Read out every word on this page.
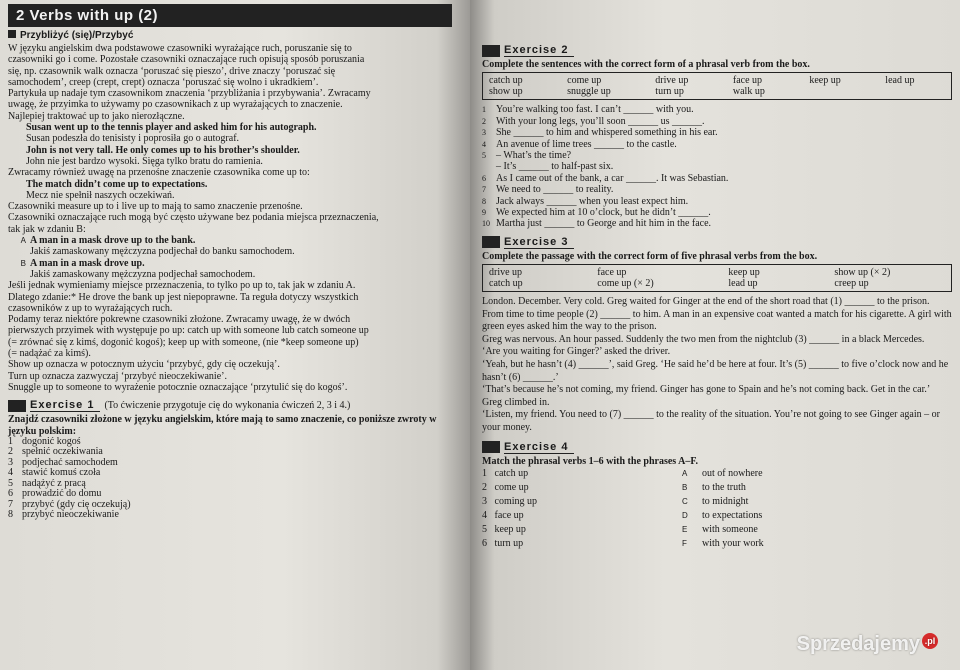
2 Verbs with up (2)
Przybliżyć (się)/Przybyć

W języku angielskim dwa podstawowe czasowniki wyrażające ruch, poruszanie się to

czasowniki go i come. Pozostałe czasowniki oznaczające ruch opisują sposób poruszania

się, np. czasownik walk oznacza ‘poruszać się pieszo’, drive znaczy ‘poruszać się

samochodem’, creep (crept, crept) oznacza ‘poruszać się wolno i ukradkiem’.

Partykuła up nadaje tym czasownikom znaczenia ‘przybliżania i przybywania’. Zwracamy

uwagę, że przyimka to używamy po czasownikach z up wyrażających to znaczenie.

Najlepiej traktować up to jako nierozłączne.

Susan went up to the tennis player and asked him for his autograph.

Susan podeszła do tenisisty i poprosiła go o autograf.

John is not very tall. He only comes up to his brother’s shoulder.

John nie jest bardzo wysoki. Sięga tylko bratu do ramienia.

Zwracamy również uwagę na przenośne znaczenie czasownika come up to:

The match didn’t come up to expectations.

Mecz nie spełnił naszych oczekiwań.

Czasowniki measure up to i live up to mają to samo znaczenie przenośne.

Czasowniki oznaczające ruch mogą być często używane bez podania miejsca przeznaczenia,

tak jak w zdaniu B:

A A man in a mask drove up to the bank.
Jakiś zamaskowany mężczyzna podjechał do banku samochodem.
B A man in a mask drove up.
Jakiś zamaskowany mężczyzna podjechał samochodem.

Jeśli jednak wymieniamy miejsce przeznaczenia, to tylko po up to, tak jak w zdaniu A.

Dlatego zdanie:* He drove the bank up jest niepoprawne. Ta reguła dotyczy wszystkich

czasowników z up to wyrażających ruch.

Podamy teraz niektóre pokrewne czasowniki złożone. Zwracamy uwagę, że w dwóch

pierwszych przyimek with występuje po up: catch up with someone lub catch someone up

(= zrównać się z kimś, dogonić kogoś); keep up with someone, (nie *keep someone up)

(= nadążać za kimś).

Show up oznacza w potocznym użyciu ‘przybyć, gdy cię oczekują’.

Turn up oznacza zazwyczaj ‘przybyć nieoczekiwanie’.

Snuggle up to someone to wyrażenie potocznie oznaczające ‘przytulić się do kogoś’.

Exercise 1	(To ćwiczenie przygotuje cię do wykonania ćwiczeń 2, 3 i 4.)

Znajdź czasowniki złożone w języku angielskim, które mają to samo znaczenie, co poniższe zwroty w języku polskim:

1 dogonić kogoś
2 spełnić oczekiwania
3 podjechać samochodem
4 stawić komuś czoła
5 nadążyć z pracą
6 prowadzić do domu
7 przybyć (gdy cię oczekują)
8 przybyć nieoczekiwanie
Exercise 2

Complete the sentences with the correct form of a phrasal verb from the box.

catch up	come up	drive up	face up	keep up	lead up
show up	snuggle up	turn up	walk up
1	You’re walking too fast. I can’t ______ with you.
2	With your long legs, you’ll soon ______ us ______.
3	She ______ to him and whispered something in his ear.
4	An avenue of lime trees ______ to the castle.
5	– What’s the time?
– It’s ______ to half-past six.
6	As I came out of the bank, a car ______. It was Sebastian.
7	We need to ______ to reality.
8	Jack always ______ when you least expect him.
9	We expected him at 10 o’clock, but he didn’t ______.
10 Martha just ______ to George and hit him in the face.
Exercise 3

Complete the passage with the correct form of five phrasal verbs from the box.

drive up	face up	keep up	show up (× 2)
catch up	come up (× 2)	lead up	creep up

London. December. Very cold. Greg waited for Ginger at the end of the short road that (1) ______ to the prison. From time to time people (2) ______ to him. A man in an expensive coat wanted a match for his cigarette. A girl with green eyes asked him the way to the prison.

Greg was nervous. An hour passed. Suddenly the two men from the nightclub (3) ______ in a black Mercedes.

‘Are you waiting for Ginger?’ asked the driver.

‘Yeah, but he hasn’t (4) ______’, said Greg. ‘He said he’d be here at four. It’s (5) ______ to five o’clock now and he hasn’t (6) ______.’

‘That’s because he’s not coming, my friend. Ginger has gone to Spain and he’s not coming back. Get in the car.’

Greg climbed in.

‘Listen, my friend. You need to (7) ______ to the reality of the situation. You’re not going to see Ginger again – or your money.

Exercise 4

Match the phrasal verbs 1–6 with the phrases A–F.

1   catch up	A	out of nowhere
2   come up	B	to the truth
3   coming up	C	to midnight
4   face up	D	to expectations
5   keep up	E	with someone
6   turn up	F	with your work
Sprzedajemy .pl
